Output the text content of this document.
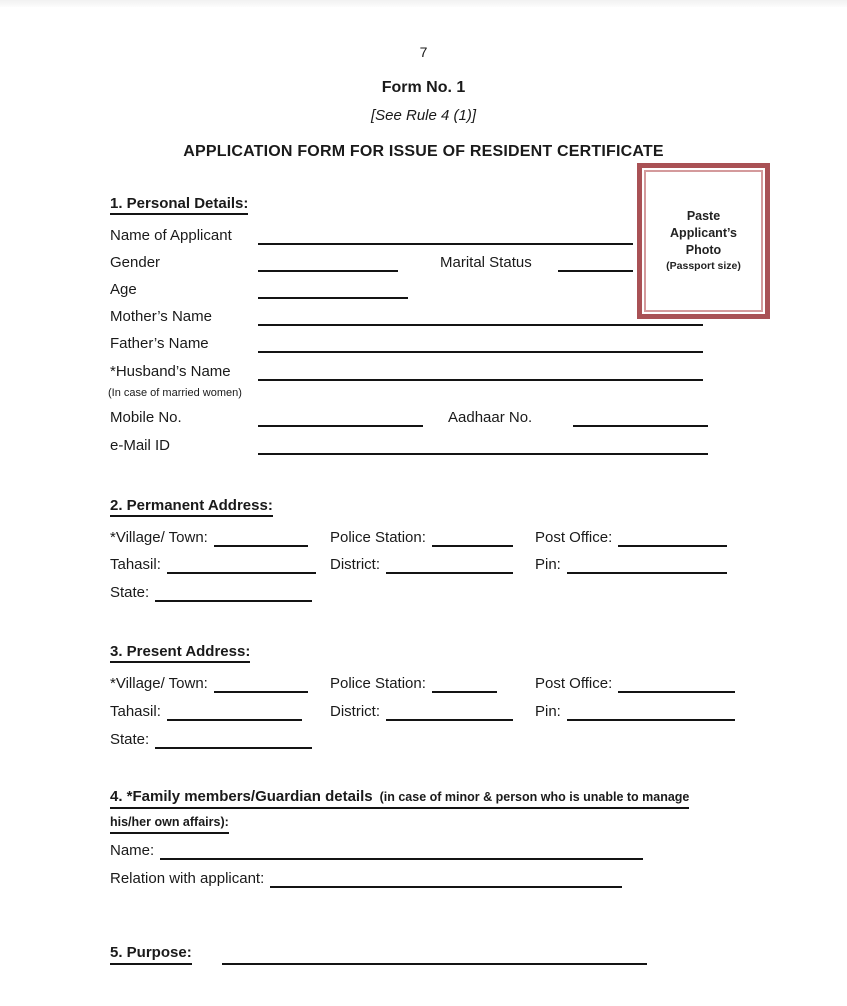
7
Form No. 1
[See Rule 4 (1)]
APPLICATION FORM FOR ISSUE OF RESIDENT CERTIFICATE
Paste
Applicant’s
Photo
(Passport size)
1. Personal Details:
Name of Applicant
Gender	Marital Status
Age
Mother’s Name
Father’s Name
*Husband’s Name
(In case of married women)
Mobile No.	Aadhaar No.
e-Mail ID
2. Permanent Address:
*Village/ Town:	Police Station:	Post Office:
Tahasil:	District:	Pin:
State:
3. Present Address:
*Village/ Town:	Police Station:	Post Office:
Tahasil:	District:	Pin:
State:
4. *Family members/Guardian details (in case of minor & person who is unable to manage
his/her own affairs):
Name:
Relation with applicant:
5. Purpose:
